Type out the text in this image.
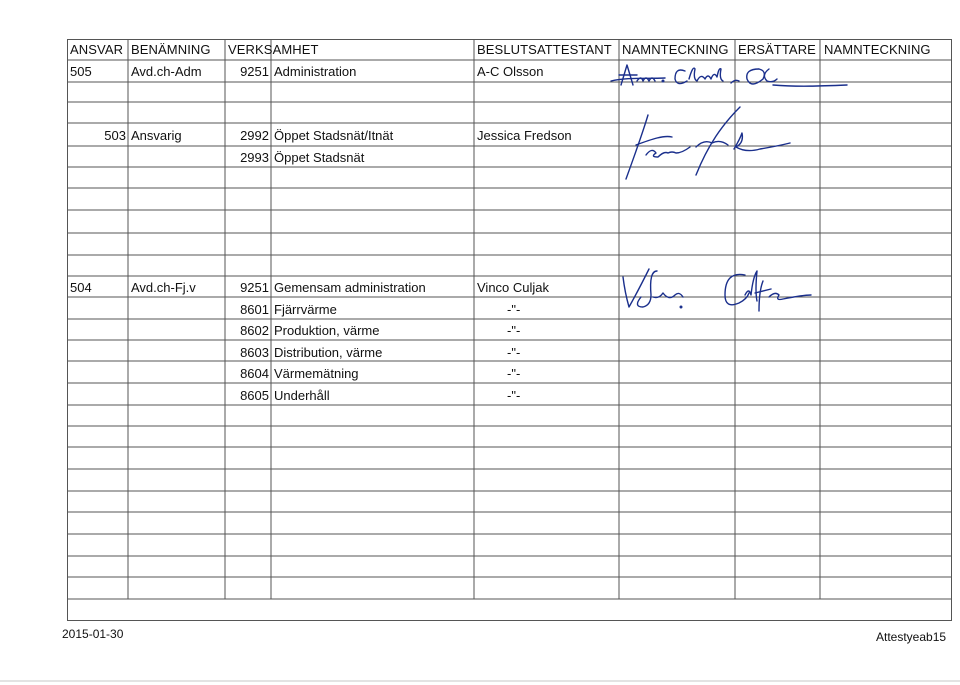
ANSVAR BENÄMNING VERKSAMHET	BESLUTSATTESTANT NAMNTECKNING ERSÄTTARE NAMNTECKNING
505	Avd.ch-Adm	9251 Administration	A-C Olsson
503 Ansvarig	2992 Öppet Stadsnät/Itnät	Jessica Fredson
2993 Öppet Stadsnät
504	Avd.ch-Fj.v	9251 Gemensam administration	Vinco Culjak
8601 Fjärrvärme	-"-
8602 Produktion, värme	-"-
8603 Distribution, värme	-"-
8604 Värmemätning	-"-
8605 Underhåll	-"-
2015-01-30	Attestyeab15
